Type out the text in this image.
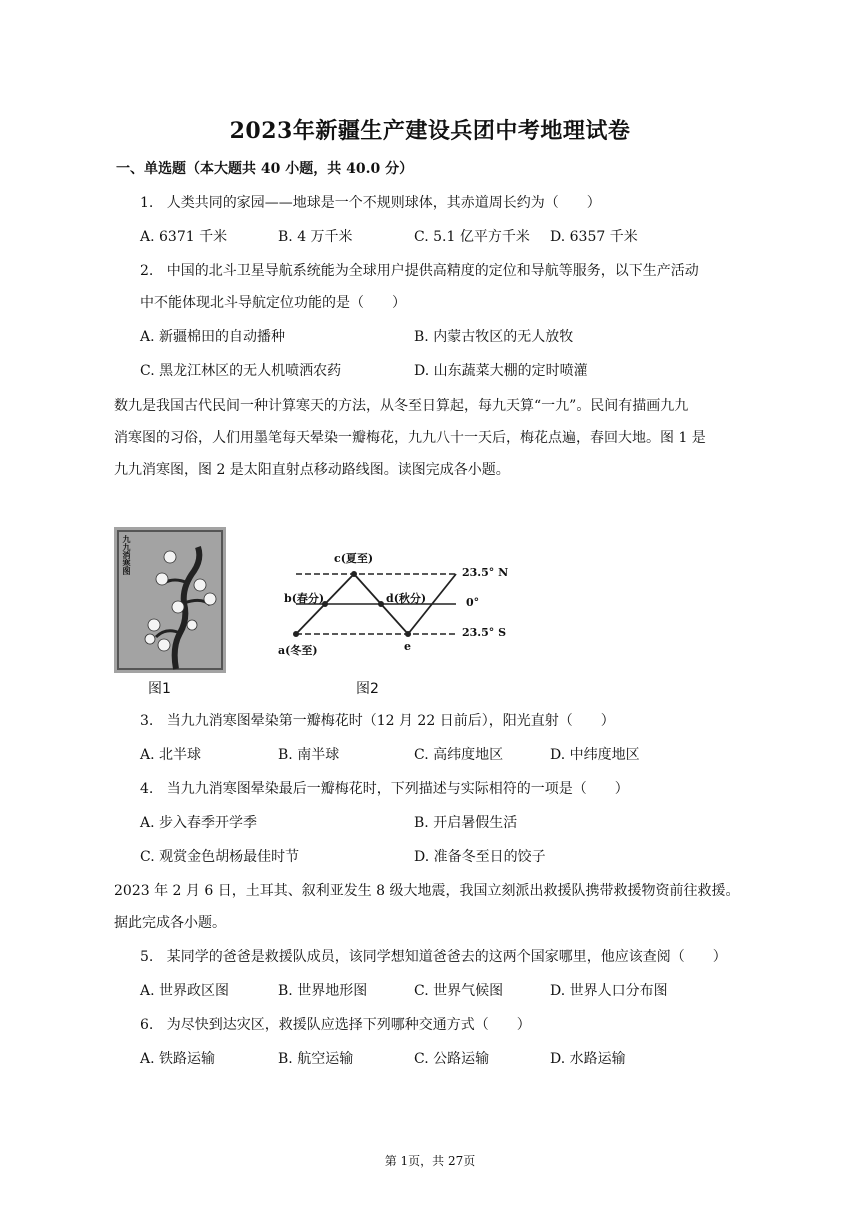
2023年新疆生产建设兵团中考地理试卷
一、单选题（本大题共 40 小题，共 40.0 分）
1. 人类共同的家园——地球是一个不规则球体，其赤道周长约为（　　）
A. 6371 千米	B. 4 万千米	C. 5.1 亿平方千米 D. 6357 千米
2. 中国的北斗卫星导航系统能为全球用户提供高精度的定位和导航等服务，以下生产活动
中不能体现北斗导航定位功能的是（　　）
A. 新疆棉田的自动播种	B. 内蒙古牧区的无人放牧
C. 黑龙江林区的无人机喷洒农药	D. 山东蔬菜大棚的定时喷灌
数九是我国古代民间一种计算寒天的方法，从冬至日算起，每九天算“一九”。民间有描画九九
消寒图的习俗，人们用墨笔每天晕染一瓣梅花，九九八十一天后，梅花点遍，春回大地。图 1 是
九九消寒图，图 2 是太阳直射点移动路线图。读图完成各小题。
九九消寒图
图1
c(夏至)
b(春分)	d(秋分)
a(冬至)	e
23.5° N
0°
23.5° S
图2
3. 当九九消寒图晕染第一瓣梅花时（12 月 22 日前后），阳光直射（　　）
A. 北半球	B. 南半球	C. 高纬度地区	D. 中纬度地区
4. 当九九消寒图晕染最后一瓣梅花时，下列描述与实际相符的一项是（　　）
A. 步入春季开学季	B. 开启暑假生活
C. 观赏金色胡杨最佳时节	D. 准备冬至日的饺子
2023 年 2 月 6 日，土耳其、叙利亚发生 8 级大地震，我国立刻派出救援队携带救援物资前往救援。
据此完成各小题。
5. 某同学的爸爸是救援队成员，该同学想知道爸爸去的这两个国家哪里，他应该查阅（　　）
A. 世界政区图	B. 世界地形图	C. 世界气候图	D. 世界人口分布图
6. 为尽快到达灾区，救援队应选择下列哪种交通方式（　　）
A. 铁路运输	B. 航空运输	C. 公路运输	D. 水路运输
第 1页，共 27页
